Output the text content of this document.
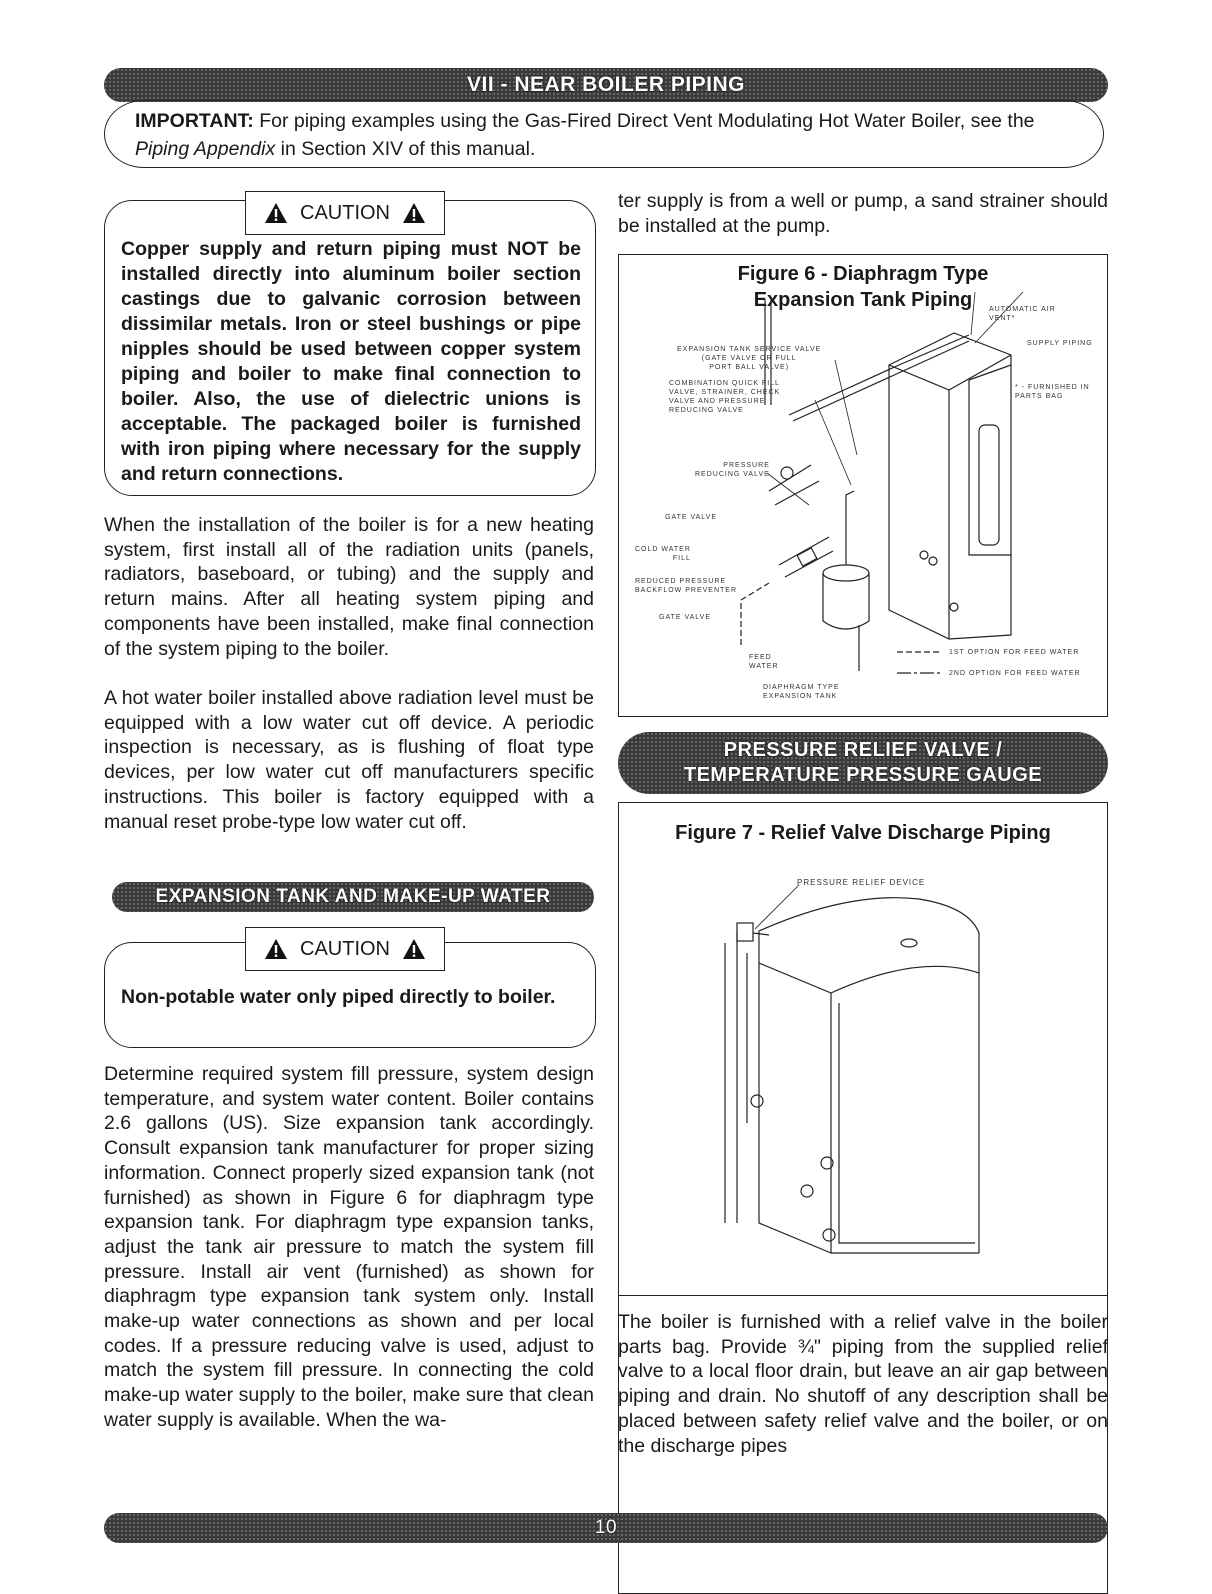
VII - NEAR BOILER PIPING
IMPORTANT: For piping examples using the Gas-Fired Direct Vent Modulating Hot Water Boiler, see the Piping Appendix in Section XIV of this manual.
CAUTION
Copper supply and return piping must NOT be installed directly into aluminum boiler section castings due to galvanic corrosion between dissimilar metals. Iron or steel bushings or pipe nipples should be used between copper system piping and boiler to make final connection to boiler. Also, the use of dielectric unions is acceptable. The packaged boiler is furnished with iron piping where necessary for the supply and return connections.
When the installation of the boiler is for a new heating system, first install all of the radiation units (panels, radiators, baseboard, or tubing) and the supply and return mains. After all heating system piping and components have been installed, make final connection of the system piping to the boiler.
A hot water boiler installed above radiation level must be equipped with a low water cut off device. A periodic inspection is necessary, as is flushing of float type devices, per low water cut off manufacturers specific instructions. This boiler is factory equipped with a manual reset probe-type low water cut off.
EXPANSION TANK AND MAKE-UP WATER
CAUTION
Non-potable water only piped directly to boiler.
Determine required system fill pressure, system design temperature, and system water content. Boiler contains 2.6 gallons (US). Size expansion tank accordingly. Consult expansion tank manufacturer for proper sizing information. Connect properly sized expansion tank (not furnished) as shown in Figure 6 for diaphragm type expansion tank. For diaphragm type expansion tanks, adjust the tank air pressure to match the system fill pressure. Install air vent (furnished) as shown for diaphragm type expansion tank system only. Install make-up water connections as shown and per local codes. If a pressure reducing valve is used, adjust to match the system fill pressure. In connecting the cold make-up water supply to the boiler, make sure that clean water supply is available. When the wa-
ter supply is from a well or pump, a sand strainer should be installed at the pump.
Figure 6 - Diaphragm Type
Expansion Tank Piping	AUTOMATIC AIR
VENT*
SUPPLY PIPING
* - FURNISHED IN
PARTS BAG
EXPANSION TANK SERVICE VALVE
(GATE VALVE OR FULL
PORT BALL VALVE)
COMBINATION QUICK FILL
VALVE, STRAINER, CHECK
VALVE AND PRESSURE
REDUCING VALVE
PRESSURE
REDUCING VALVE
GATE VALVE
COLD WATER
FILL
REDUCED PRESSURE
BACKFLOW PREVENTER
GATE VALVE
FEED
WATER
DIAPHRAGM TYPE
EXPANSION TANK
1ST OPTION FOR FEED WATER
2ND OPTION FOR FEED WATER
PRESSURE RELIEF VALVE /
TEMPERATURE PRESSURE GAUGE
Figure 7 - Relief Valve Discharge Piping
PRESSURE RELIEF DEVICE
The boiler is furnished with a relief valve in the boiler parts bag. Provide ¾" piping from the supplied relief valve to a local floor drain, but leave an air gap between piping and drain. No shutoff of any description shall be placed between safety relief valve and the boiler, or on the discharge pipes
10
